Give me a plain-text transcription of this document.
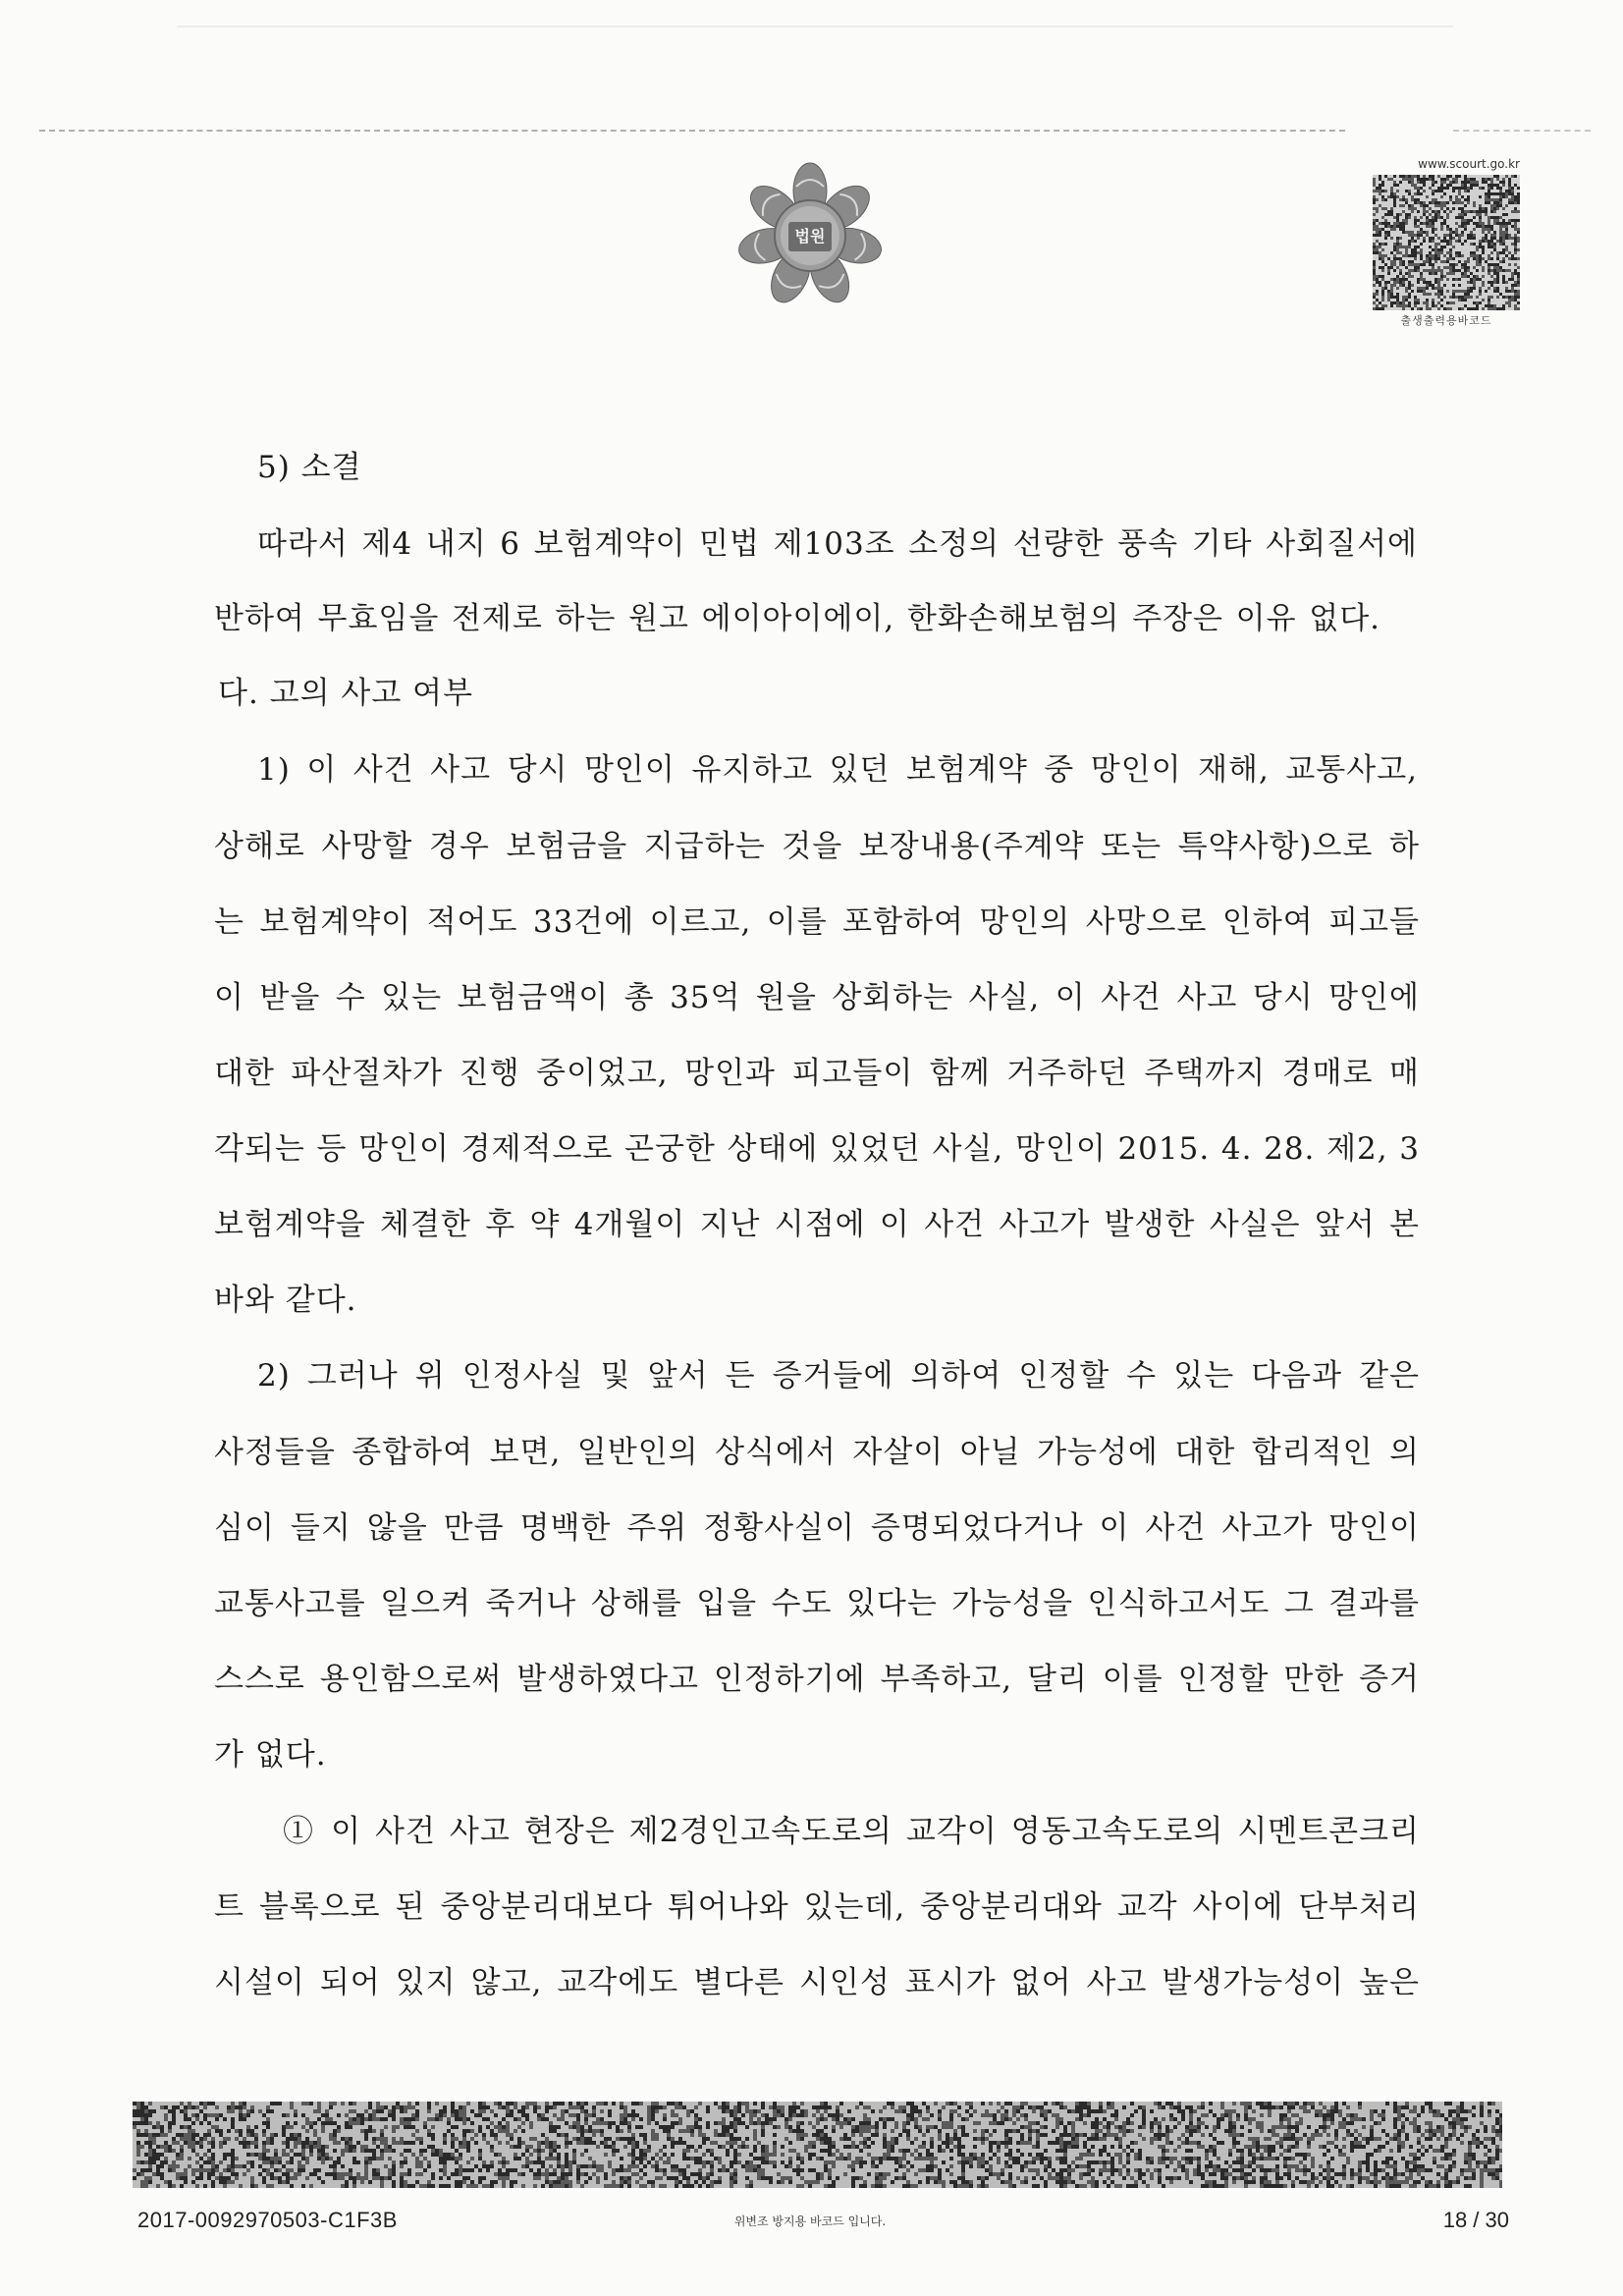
법원
www.scourt.go.kr
출생출력용바코드

5) 소결

따라서 제4 내지 6 보험계약이 민법 제103조 소정의 선량한 풍속 기타 사회질서에

반하여 무효임을 전제로 하는 원고 에이아이에이, 한화손해보험의 주장은 이유 없다.

다. 고의 사고 여부

1) 이 사건 사고 당시 망인이 유지하고 있던 보험계약 중 망인이 재해, 교통사고,

상해로 사망할 경우 보험금을 지급하는 것을 보장내용(주계약 또는 특약사항)으로 하

는 보험계약이 적어도 33건에 이르고, 이를 포함하여 망인의 사망으로 인하여 피고들

이 받을 수 있는 보험금액이 총 35억 원을 상회하는 사실, 이 사건 사고 당시 망인에

대한 파산절차가 진행 중이었고, 망인과 피고들이 함께 거주하던 주택까지 경매로 매

각되는 등 망인이 경제적으로 곤궁한 상태에 있었던 사실, 망인이 2015. 4. 28. 제2, 3

보험계약을 체결한 후 약 4개월이 지난 시점에 이 사건 사고가 발생한 사실은 앞서 본

바와 같다.

2) 그러나 위 인정사실 및 앞서 든 증거들에 의하여 인정할 수 있는 다음과 같은

사정들을 종합하여 보면, 일반인의 상식에서 자살이 아닐 가능성에 대한 합리적인 의

심이 들지 않을 만큼 명백한 주위 정황사실이 증명되었다거나 이 사건 사고가 망인이

교통사고를 일으켜 죽거나 상해를 입을 수도 있다는 가능성을 인식하고서도 그 결과를

스스로 용인함으로써 발생하였다고 인정하기에 부족하고, 달리 이를 인정할 만한 증거

가 없다.

① 이 사건 사고 현장은 제2경인고속도로의 교각이 영동고속도로의 시멘트콘크리

트 블록으로 된 중앙분리대보다 튀어나와 있는데, 중앙분리대와 교각 사이에 단부처리

시설이 되어 있지 않고, 교각에도 별다른 시인성 표시가 없어 사고 발생가능성이 높은

2017-0092970503-C1F3B	위변조 방지용 바코드 입니다.	18 / 30
